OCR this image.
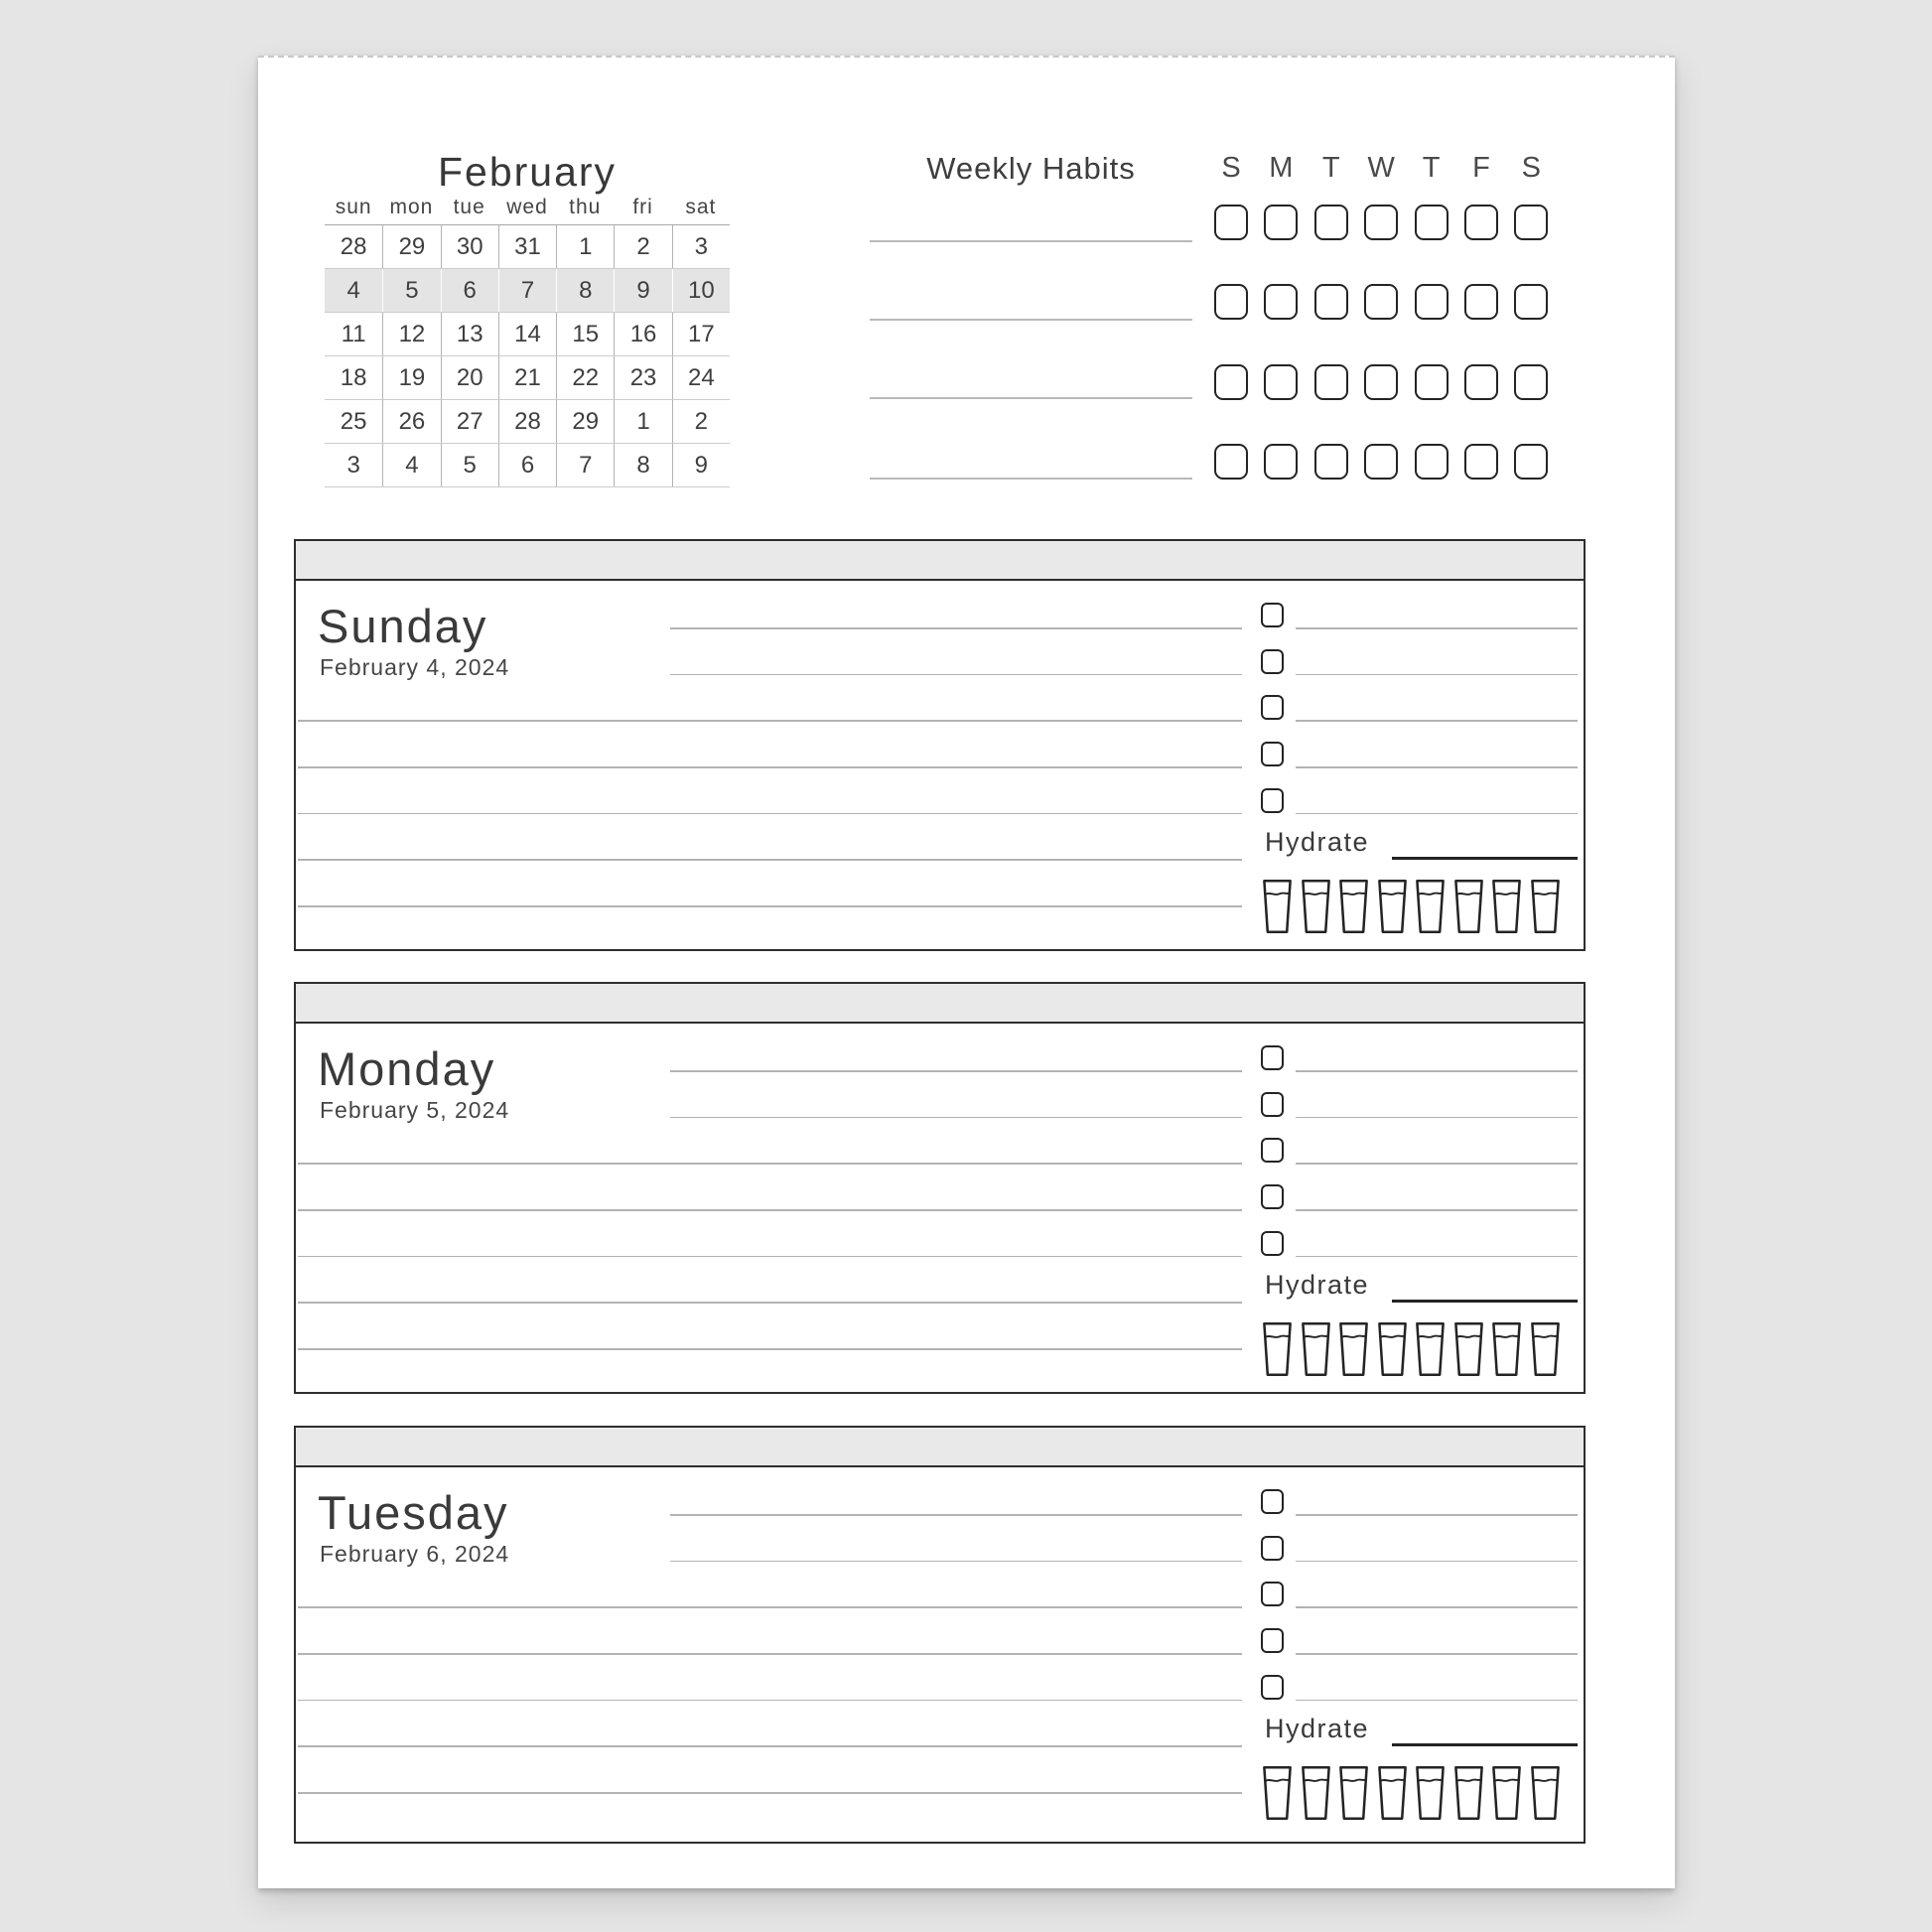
February
sun mon tue	wed	thu	fri	sat
28	29	30	31	1	2	3
4	5	6	7	8	9	10
11	12	13	14	15	16	17
18	19	20	21	22	23	24
25	26	27	28	29	1	2
3	4	5	6	7	8	9
Weekly Habits	S M T W T F S
Sunday
February 4, 2024
Hydrate
Monday
February 5, 2024
Hydrate
Tuesday
February 6, 2024
Hydrate
